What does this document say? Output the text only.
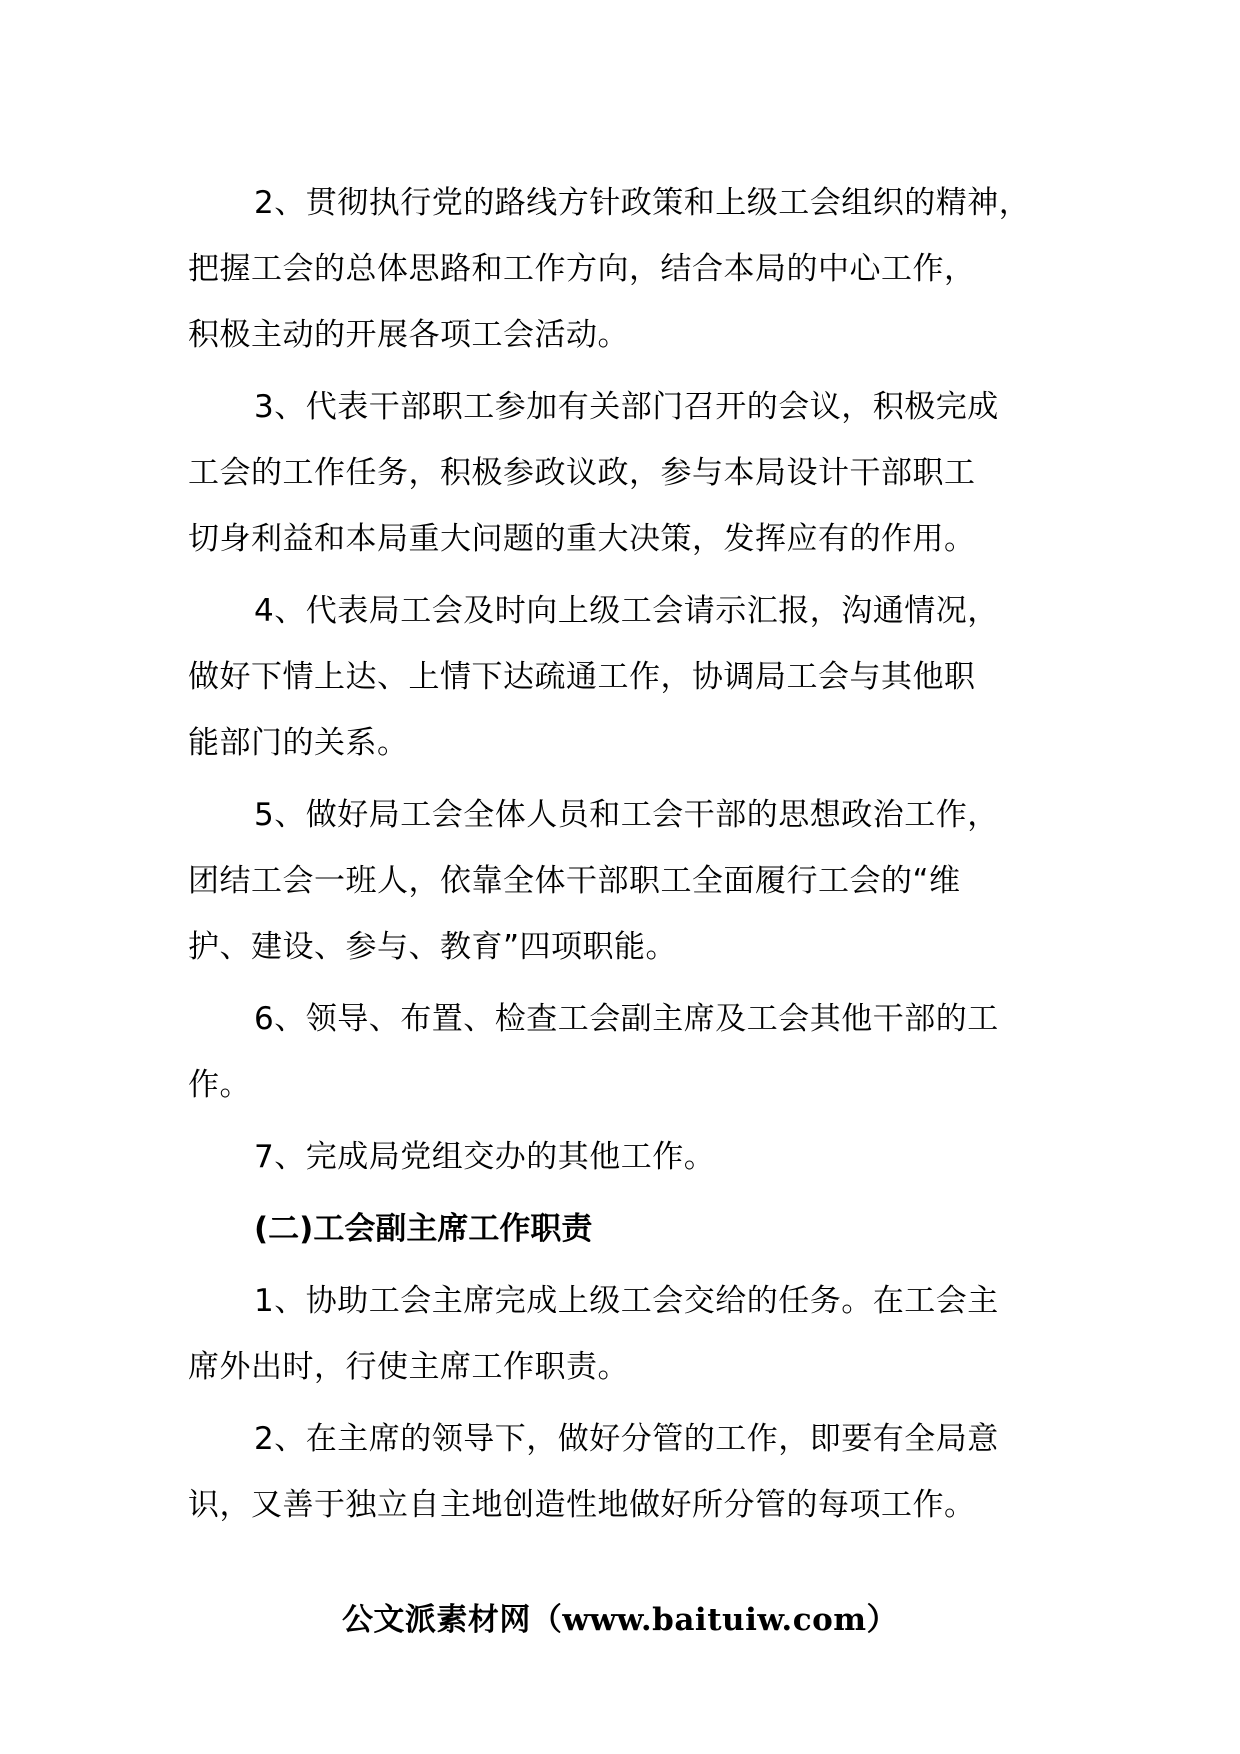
2、贯彻执行党的路线方针政策和上级工会组织的精神，
把握工会的总体思路和工作方向，结合本局的中心工作，
积极主动的开展各项工会活动。

3、代表干部职工参加有关部门召开的会议，积极完成
工会的工作任务，积极参政议政，参与本局设计干部职工
切身利益和本局重大问题的重大决策，发挥应有的作用。

4、代表局工会及时向上级工会请示汇报，沟通情况，
做好下情上达、上情下达疏通工作，协调局工会与其他职
能部门的关系。

5、做好局工会全体人员和工会干部的思想政治工作，
团结工会一班人，依靠全体干部职工全面履行工会的“维
护、建设、参与、教育”四项职能。

6、领导、布置、检查工会副主席及工会其他干部的工
作。

7、完成局党组交办的其他工作。

(二)工会副主席工作职责

1、协助工会主席完成上级工会交给的任务。在工会主
席外出时，行使主席工作职责。

2、在主席的领导下，做好分管的工作，即要有全局意
识，又善于独立自主地创造性地做好所分管的每项工作。

公文派素材网（www.baituiw.com）
